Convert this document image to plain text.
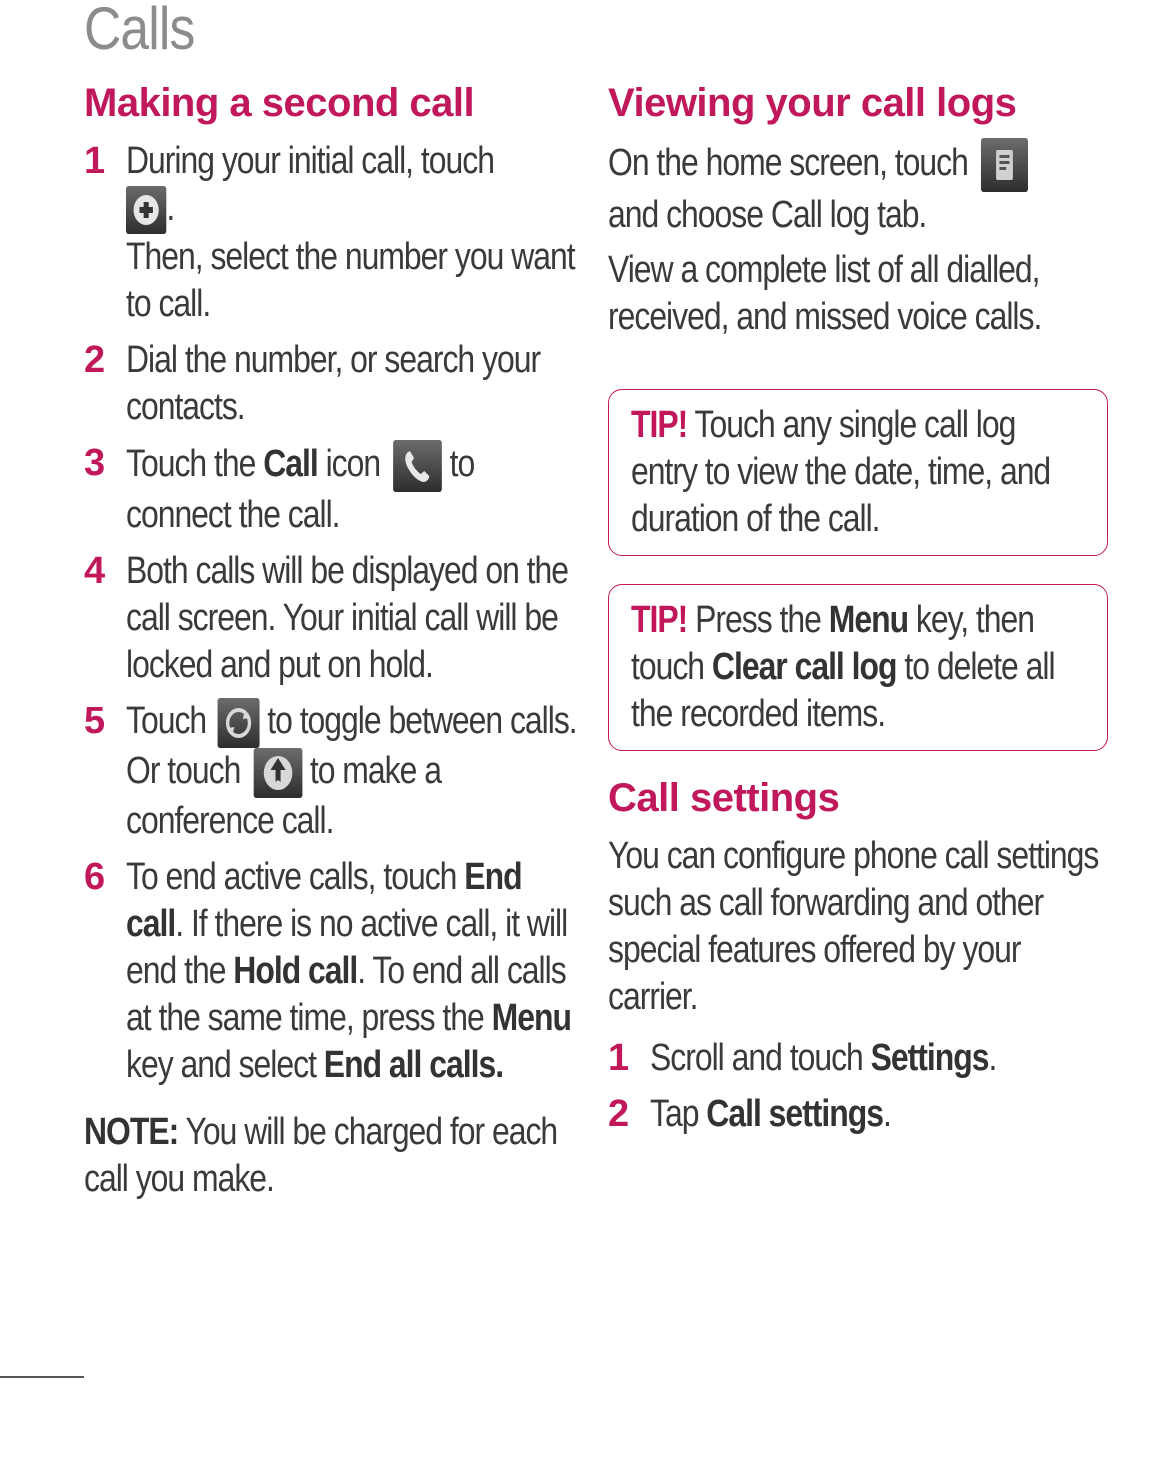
Calls
Making a second call
1 During your initial call, touch
.
Then, select the number you want to call.
2 Dial the number, or search your contacts.
3 Touch the Call icon  to connect the call.
4 Both calls will be displayed on the call screen. Your initial call will be locked and put on hold.
5 Touch  to toggle between calls. Or touch  to make a conference call.
6 To end active calls, touch End call. If there is no active call, it will end the Hold call. To end all calls at the same time, press the Menu key and select End all calls.
NOTE: You will be charged for each call you make.
Viewing your call logs
On the home screen, touch
and choose Call log tab.
View a complete list of all dialled, received, and missed voice calls.
TIP! Touch any single call log entry to view the date, time, and duration of the call.
TIP! Press the Menu key, then touch Clear call log to delete all the recorded items.
Call settings
You can configure phone call settings such as call forwarding and other special features offered by your carrier.
1 Scroll and touch Settings.
2 Tap Call settings.
